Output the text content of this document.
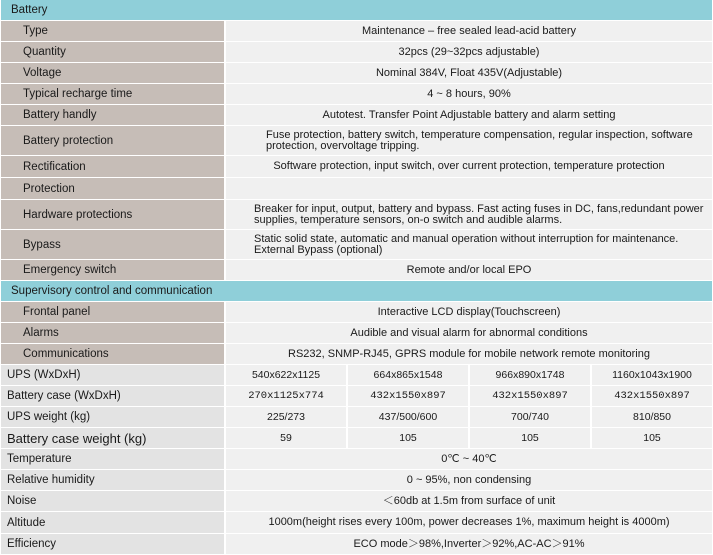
Battery
Type	Maintenance – free sealed lead-acid battery
Quantity	32pcs (29~32pcs adjustable)
Voltage	Nominal 384V, Float 435V(Adjustable)
Typical recharge time	4 ~ 8 hours, 90%
Battery handly	Autotest. Transfer Point Adjustable battery and alarm setting
Battery protection	Fuse protection, battery switch, temperature compensation, regular inspection, software protection, overvoltage tripping.
Rectification	Software protection, input switch, over current protection, temperature protection
Protection
Hardware protections	Breaker for input, output, battery and bypass. Fast acting fuses in DC, fans,redundant power supplies, temperature sensors, on-o switch and audible alarms.
Bypass	Static solid state, automatic and manual operation without interruption for maintenance. External Bypass (optional)
Emergency switch	Remote and/or local EPO
Supervisory control and communication
Frontal panel	Interactive LCD display(Touchscreen)
Alarms	Audible and visual alarm for abnormal conditions
Communications	RS232, SNMP-RJ45, GPRS module for mobile network remote monitoring
UPS (WxDxH)	540x622x1125	664x865x1548	966x890x1748	1160x1043x1900
Battery case (WxDxH)	270x1125x774	432x1550x897	432x1550x897	432x1550x897
UPS weight (kg)	225/273	437/500/600	700/740	810/850
Battery case weight (kg)	59	105	105	105
Temperature	0℃ ~ 40℃
Relative humidity	0 ~ 95%, non condensing
Noise	＜60db at 1.5m from surface of unit
Altitude	1000m(height rises every 100m, power decreases 1%, maximum height is 4000m)
Efficiency	ECO mode＞98%,Inverter＞92%,AC-AC＞91%
